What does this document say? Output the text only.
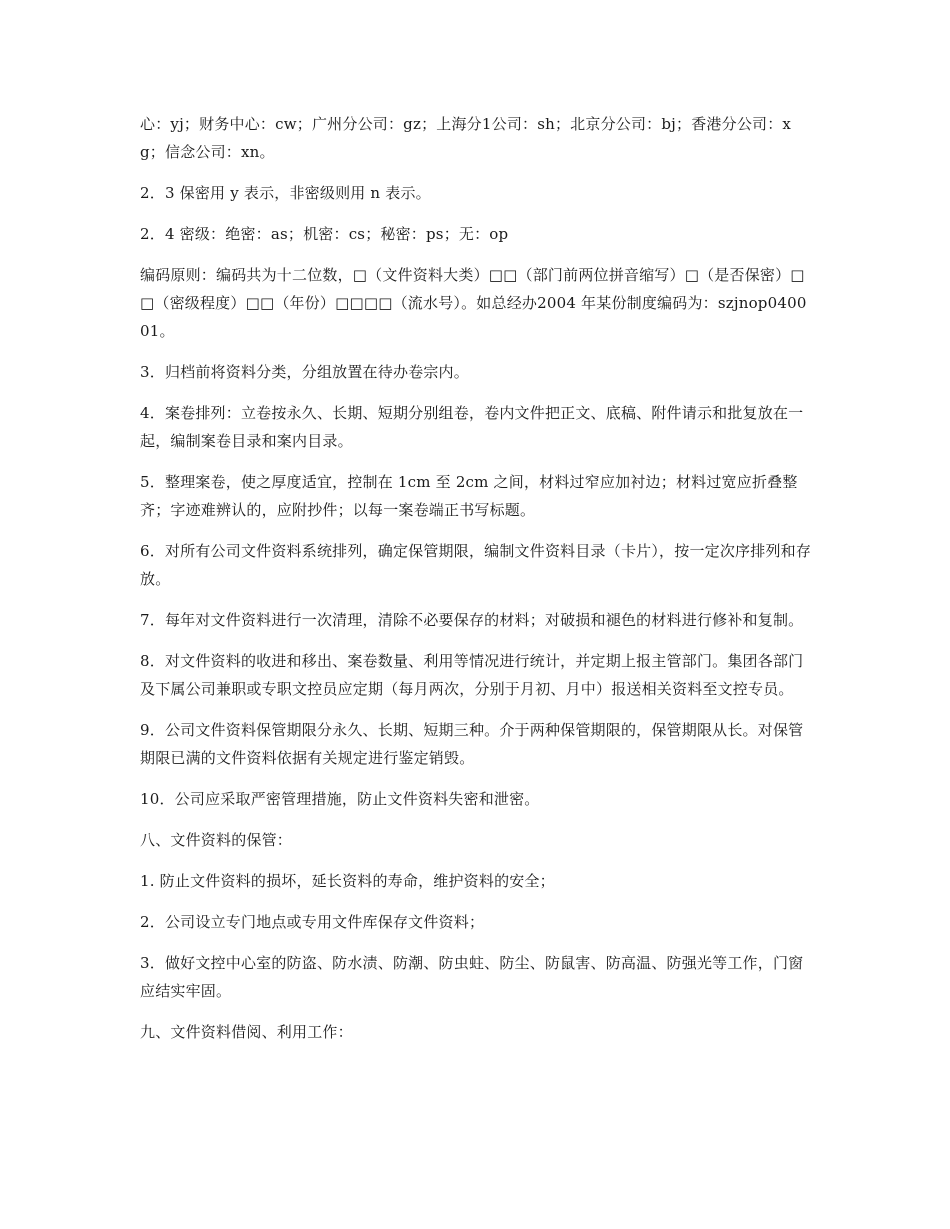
心：yj；财务中心：cw；广州分公司：gz；上海分1公司：sh；北京分公司：bj；香港分公司：xg；信念公司：xn。

2．3 保密用 y 表示，非密级则用 n 表示。

2．4 密级：绝密：as；机密：cs；秘密：ps；无：op

编码原则：编码共为十二位数，□（文件资料大类）□□（部门前两位拼音缩写）□（是否保密）□□（密级程度）□□（年份）□□□□（流水号）。如总经办2004 年某份制度编码为：szjnop040001。

3．归档前将资料分类，分组放置在待办卷宗内。

4．案卷排列：立卷按永久、长期、短期分别组卷，卷内文件把正文、底稿、附件请示和批复放在一起，编制案卷目录和案内目录。

5．整理案卷，使之厚度适宜，控制在 1cm 至 2cm 之间，材料过窄应加衬边；材料过宽应折叠整齐；字迹难辨认的，应附抄件；以每一案卷端正书写标题。

6．对所有公司文件资料系统排列，确定保管期限，编制文件资料目录（卡片），按一定次序排列和存放。

7．每年对文件资料进行一次清理，清除不必要保存的材料；对破损和褪色的材料进行修补和复制。

8．对文件资料的收进和移出、案卷数量、利用等情况进行统计，并定期上报主管部门。集团各部门及下属公司兼职或专职文控员应定期（每月两次，分别于月初、月中）报送相关资料至文控专员。

9．公司文件资料保管期限分永久、长期、短期三种。介于两种保管期限的，保管期限从长。对保管期限已满的文件资料依据有关规定进行鉴定销毁。

10．公司应采取严密管理措施，防止文件资料失密和泄密。

八、文件资料的保管：

1. 防止文件资料的损坏，延长资料的寿命，维护资料的安全；

2．公司设立专门地点或专用文件库保存文件资料；

3．做好文控中心室的防盗、防水渍、防潮、防虫蛀、防尘、防鼠害、防高温、防强光等工作，门窗应结实牢固。

九、文件资料借阅、利用工作：
